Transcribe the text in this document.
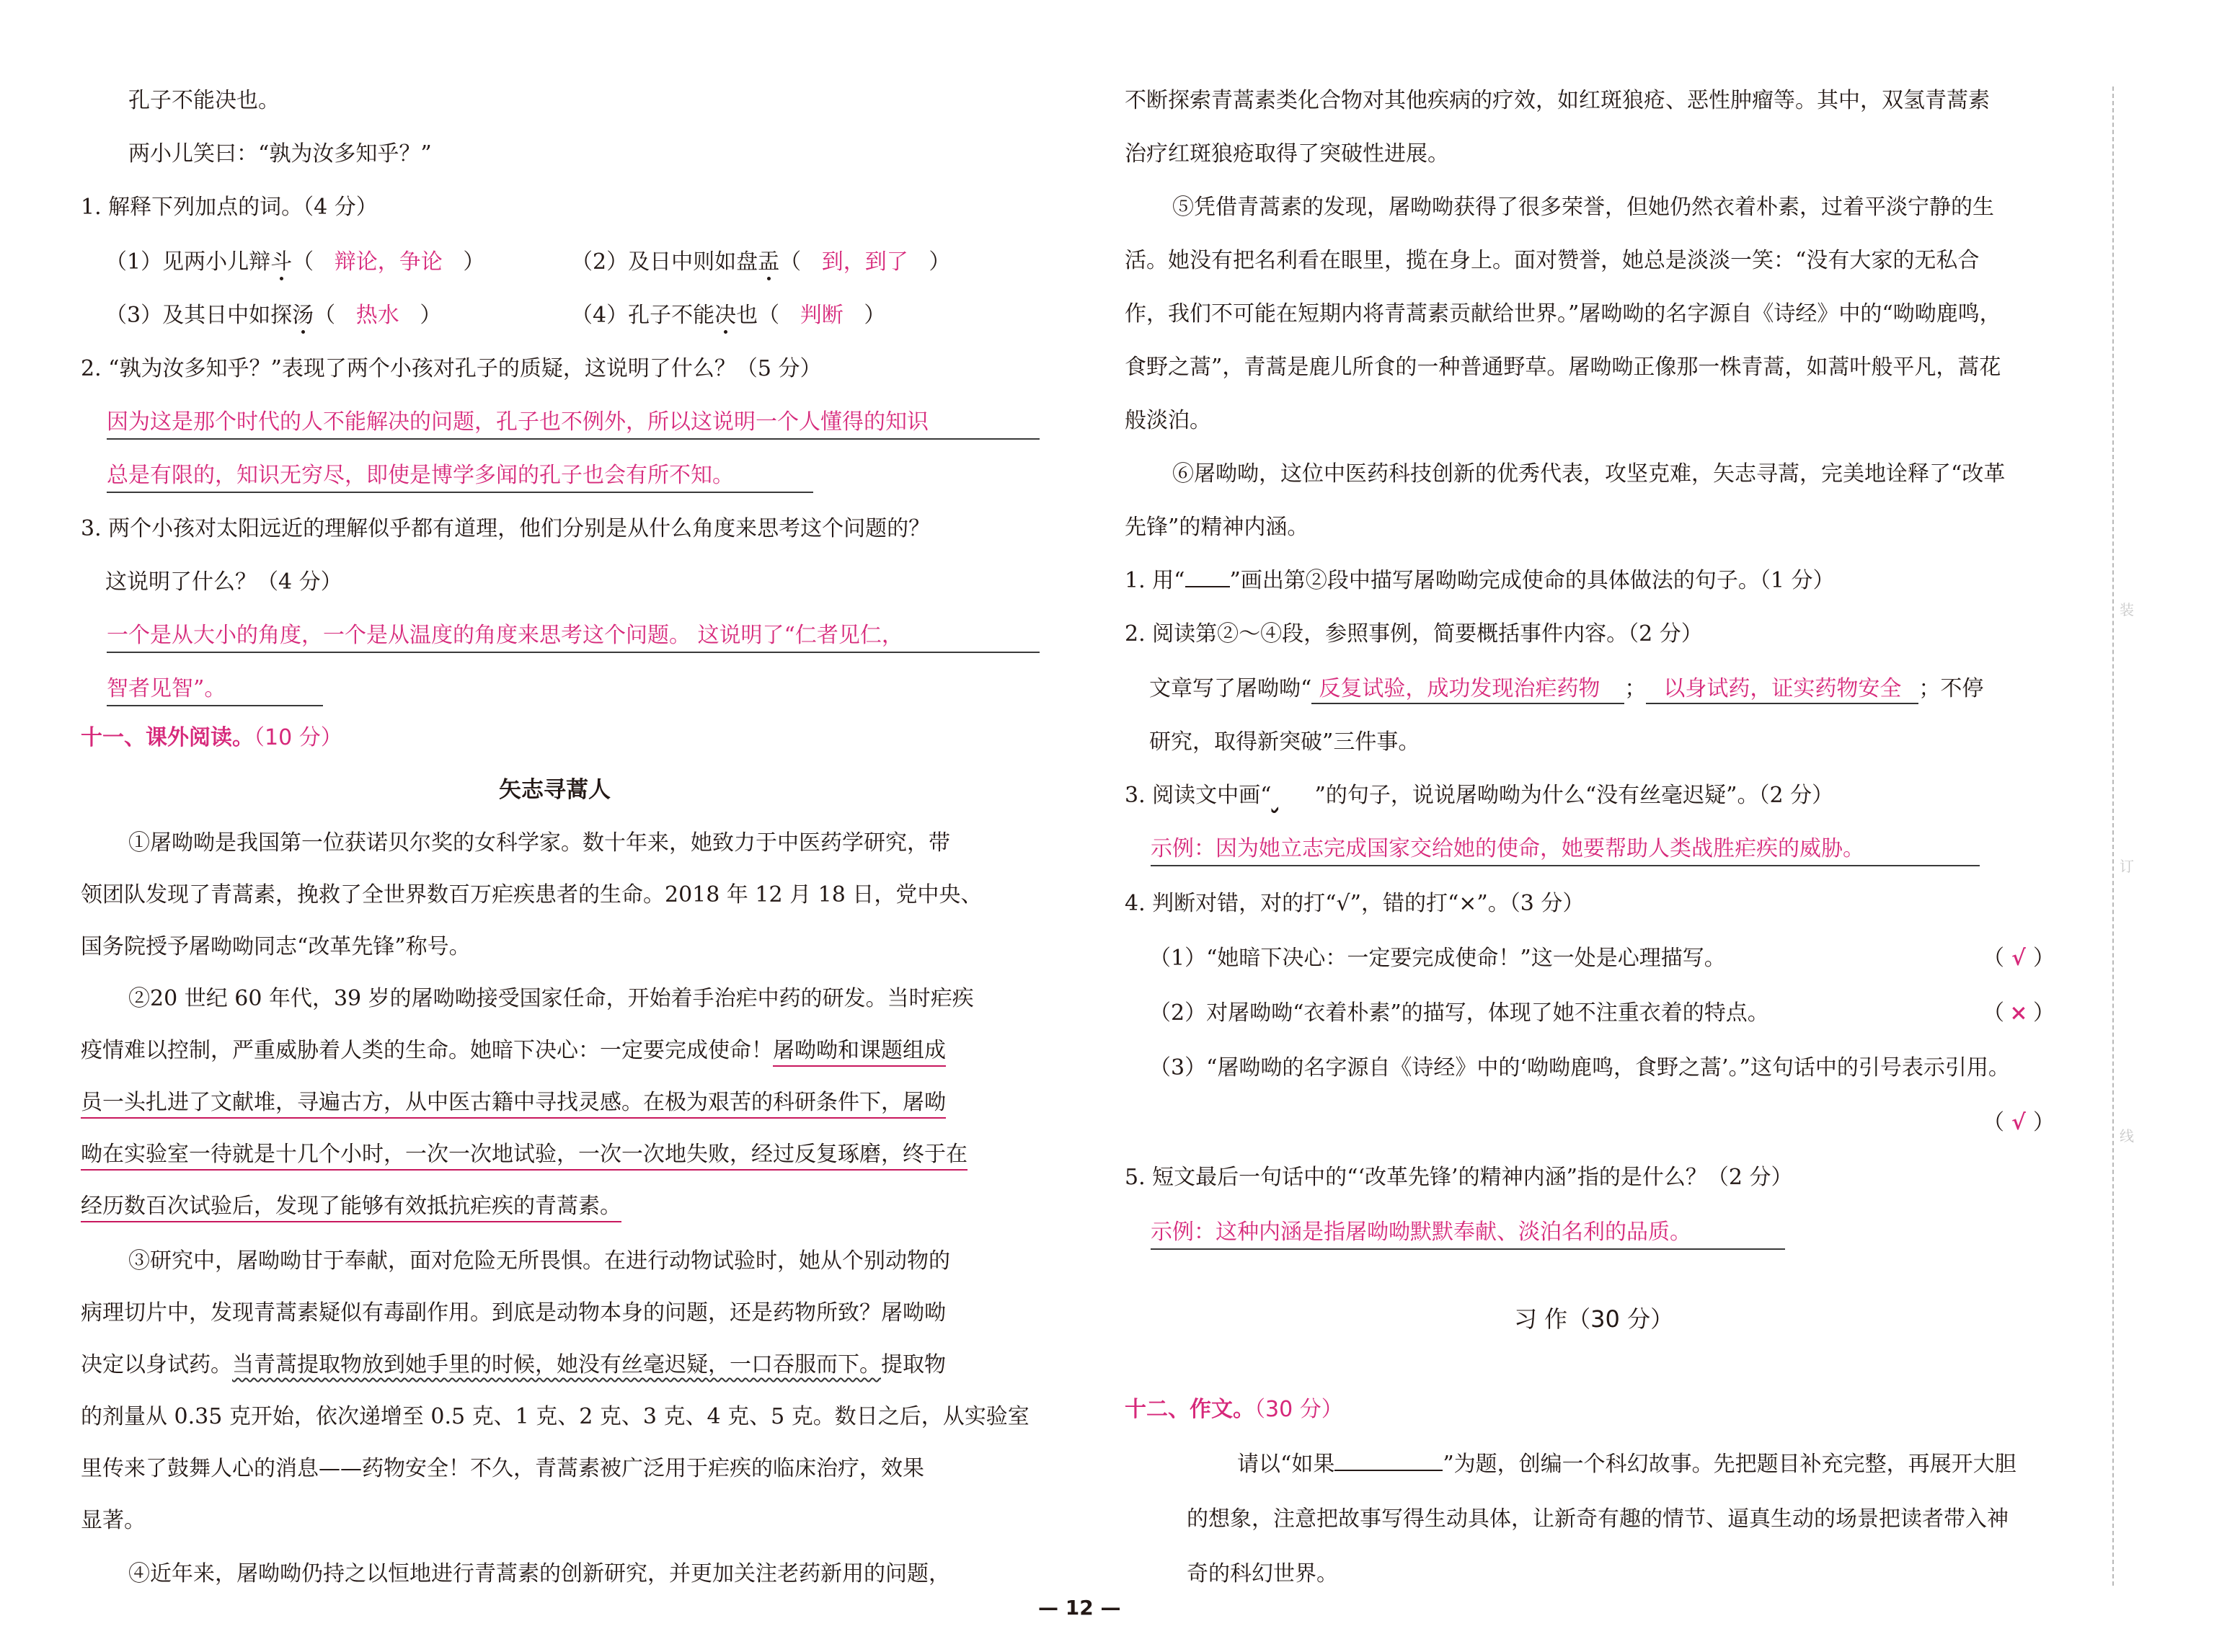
孔子不能决也。
两小儿笑曰：“孰为汝多知乎？”
1. 解释下列加点的词。（4 分）
（1）见两小儿辩斗（ 辩论，争论 ）	（2）及日中则如盘盂（ 到，到了 ）
（3）及其日中如探汤（ 热水 ）	（4）孔子不能决也（ 判断 ）
2. “孰为汝多知乎？”表现了两个小孩对孔子的质疑，这说明了什么？（5 分）
因为这是那个时代的人不能解决的问题，孔子也不例外，所以这说明一个人懂得的知识
总是有限的，知识无穷尽，即使是博学多闻的孔子也会有所不知。
3. 两个小孩对太阳远近的理解似乎都有道理，他们分别是从什么角度来思考这个问题的？
这说明了什么？（4 分）
一个是从大小的角度，一个是从温度的角度来思考这个问题。 这说明了“仁者见仁，
智者见智”。
十一、课外阅读。（10 分）
矢志寻蒿人
①屠呦呦是我国第一位获诺贝尔奖的女科学家。数十年来，她致力于中医药学研究，带
领团队发现了青蒿素，挽救了全世界数百万疟疾患者的生命。2018 年 12 月 18 日，党中央、
国务院授予屠呦呦同志“改革先锋”称号。
②20 世纪 60 年代，39 岁的屠呦呦接受国家任命，开始着手治疟中药的研发。当时疟疾
疫情难以控制，严重威胁着人类的生命。她暗下决心：一定要完成使命！屠呦呦和课题组成
员一头扎进了文献堆，寻遍古方，从中医古籍中寻找灵感。在极为艰苦的科研条件下，屠呦
呦在实验室一待就是十几个小时，一次一次地试验，一次一次地失败，经过反复琢磨，终于在
经历数百次试验后，发现了能够有效抵抗疟疾的青蒿素。
③研究中，屠呦呦甘于奉献，面对危险无所畏惧。在进行动物试验时，她从个别动物的
病理切片中，发现青蒿素疑似有毒副作用。到底是动物本身的问题，还是药物所致？屠呦呦
决定以身试药。当青蒿提取物放到她手里的时候，她没有丝毫迟疑，一口吞服而下。提取物
的剂量从 0.35 克开始，依次递增至 0.5 克、1 克、2 克、3 克、4 克、5 克。数日之后，从实验室
里传来了鼓舞人心的消息——药物安全！不久，青蒿素被广泛用于疟疾的临床治疗，效果
显著。
④近年来，屠呦呦仍持之以恒地进行青蒿素的创新研究，并更加关注老药新用的问题，
不断探索青蒿素类化合物对其他疾病的疗效，如红斑狼疮、恶性肿瘤等。其中，双氢青蒿素
治疗红斑狼疮取得了突破性进展。
⑤凭借青蒿素的发现，屠呦呦获得了很多荣誉，但她仍然衣着朴素，过着平淡宁静的生
活。她没有把名利看在眼里，揽在身上。面对赞誉，她总是淡淡一笑：“没有大家的无私合
作，我们不可能在短期内将青蒿素贡献给世界。”屠呦呦的名字源自《诗经》中的“呦呦鹿鸣，
食野之蒿”，青蒿是鹿儿所食的一种普通野草。屠呦呦正像那一株青蒿，如蒿叶般平凡，蒿花
般淡泊。
⑥屠呦呦，这位中医药科技创新的优秀代表，攻坚克难，矢志寻蒿，完美地诠释了“改革
先锋”的精神内涵。
1. 用“ ”画出第②段中描写屠呦呦完成使命的具体做法的句子。（1 分）
2. 阅读第②～④段，参照事例，简要概括事件内容。（2 分）
文章写了屠呦呦“ 反复试验，成功发现治疟药物 ； 以身试药，证实药物安全 ；不停
研究，取得新突破”三件事。
3. 阅读文中画“ ”的句子，说说屠呦呦为什么“没有丝毫迟疑”。（2 分）
示例：因为她立志完成国家交给她的使命，她要帮助人类战胜疟疾的威胁。
4. 判断对错，对的打“√”，错的打“×”。（3 分）
（1）“她暗下决心：一定要完成使命！”这一处是心理描写。	（ √ ）
（2）对屠呦呦“衣着朴素”的描写，体现了她不注重衣着的特点。	（ × ）
（3）“屠呦呦的名字源自《诗经》中的‘呦呦鹿鸣，食野之蒿’。”这句话中的引号表示引用。
（ √ ）
5. 短文最后一句话中的“‘改革先锋’的精神内涵”指的是什么？（2 分）
示例：这种内涵是指屠呦呦默默奉献、淡泊名利的品质。
习 作（30 分）
十二、作文。（30 分）
请以“如果	”为题，创编一个科幻故事。先把题目补充完整，再展开大胆
的想象，注意把故事写得生动具体，让新奇有趣的情节、逼真生动的场景把读者带入神
奇的科幻世界。
装
订
线
— 12 —
